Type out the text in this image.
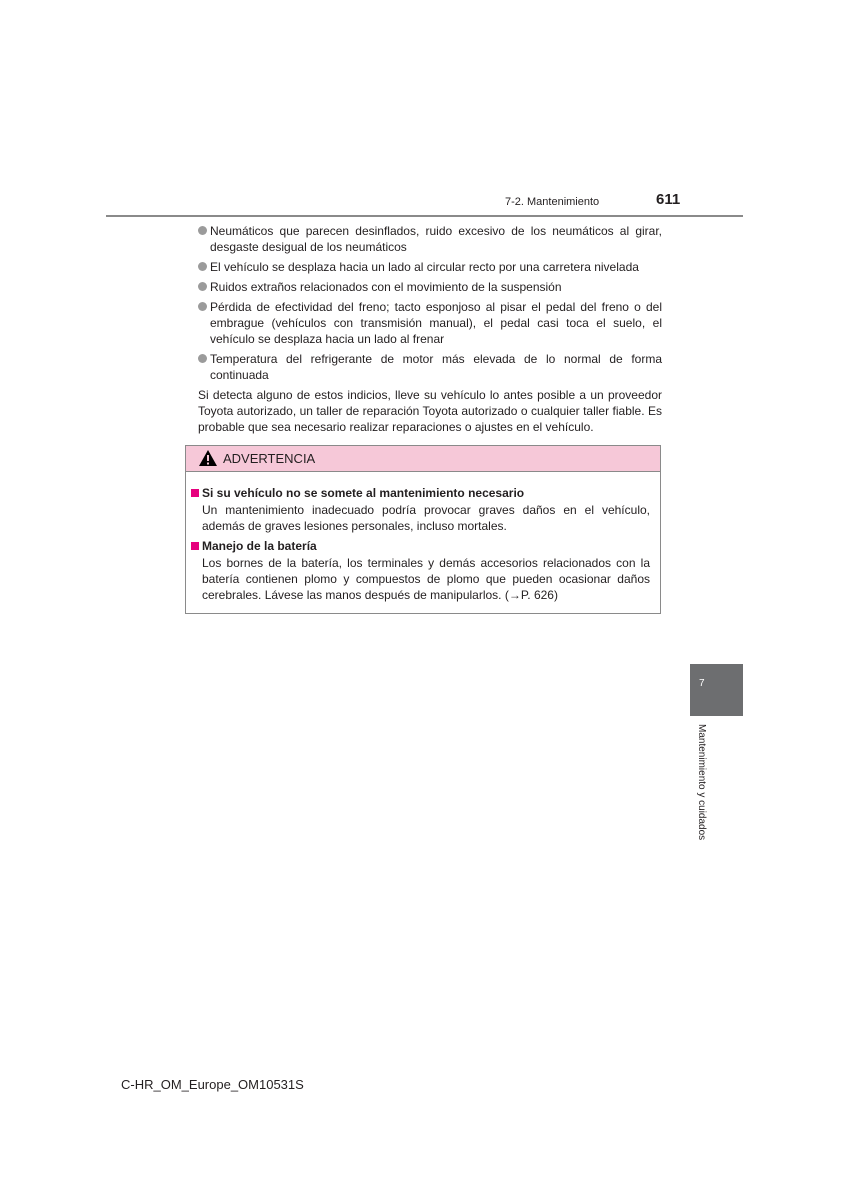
7-2. Mantenimiento	611
Neumáticos que parecen desinflados, ruido excesivo de los neumáticos al girar, desgaste desigual de los neumáticos
El vehículo se desplaza hacia un lado al circular recto por una carretera nivelada
Ruidos extraños relacionados con el movimiento de la suspensión
Pérdida de efectividad del freno; tacto esponjoso al pisar el pedal del freno o del embrague (vehículos con transmisión manual), el pedal casi toca el suelo, el vehículo se desplaza hacia un lado al frenar
Temperatura del refrigerante de motor más elevada de lo normal de forma continuada
Si detecta alguno de estos indicios, lleve su vehículo lo antes posible a un proveedor Toyota autorizado, un taller de reparación Toyota autorizado o cualquier taller fiable. Es probable que sea necesario realizar reparaciones o ajustes en el vehículo.
ADVERTENCIA
Si su vehículo no se somete al mantenimiento necesario
Un mantenimiento inadecuado podría provocar graves daños en el vehículo, además de graves lesiones personales, incluso mortales.
Manejo de la batería
Los bornes de la batería, los terminales y demás accesorios relacionados con la batería contienen plomo y compuestos de plomo que pueden ocasionar daños cerebrales. Lávese las manos después de manipularlos. (→P. 626)
7
Mantenimiento y cuidados
C-HR_OM_Europe_OM10531S
